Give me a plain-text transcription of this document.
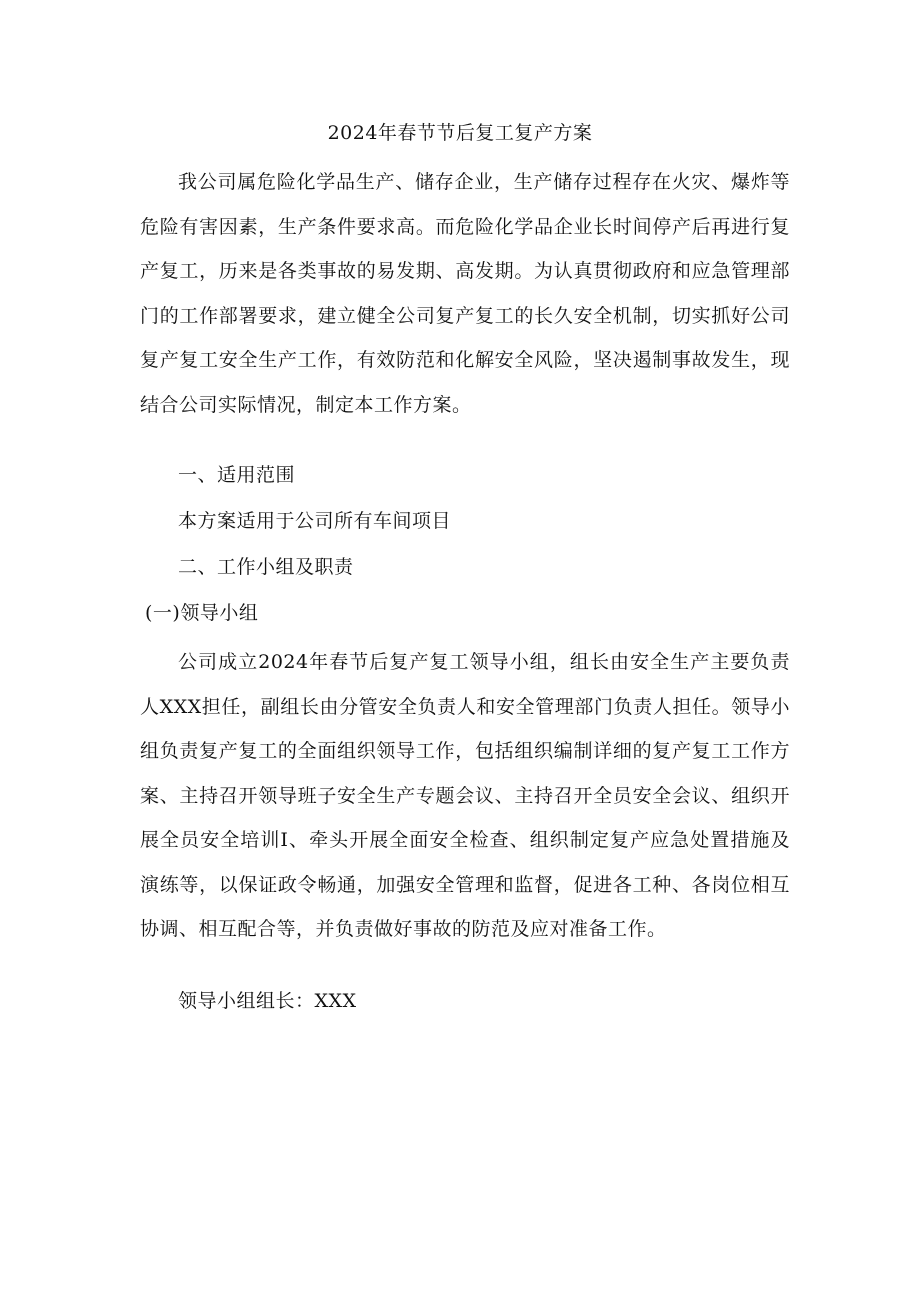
2024年春节节后复工复产方案
我公司属危险化学品生产、储存企业，生产储存过程存在火灾、爆炸等危险有害因素，生产条件要求高。而危险化学品企业长时间停产后再进行复产复工，历来是各类事故的易发期、高发期。为认真贯彻政府和应急管理部门的工作部署要求，建立健全公司复产复工的长久安全机制，切实抓好公司复产复工安全生产工作，有效防范和化解安全风险，坚决遏制事故发生，现结合公司实际情况，制定本工作方案。
一、适用范围
本方案适用于公司所有车间项目
二、工作小组及职责
(一)领导小组
公司成立2024年春节后复产复工领导小组，组长由安全生产主要负责人XXX担任，副组长由分管安全负责人和安全管理部门负责人担任。领导小组负责复产复工的全面组织领导工作，包括组织编制详细的复产复工工作方案、主持召开领导班子安全生产专题会议、主持召开全员安全会议、组织开展全员安全培训I、牵头开展全面安全检查、组织制定复产应急处置措施及演练等，以保证政令畅通，加强安全管理和监督，促进各工种、各岗位相互协调、相互配合等，并负责做好事故的防范及应对准备工作。
领导小组组长：XXX
